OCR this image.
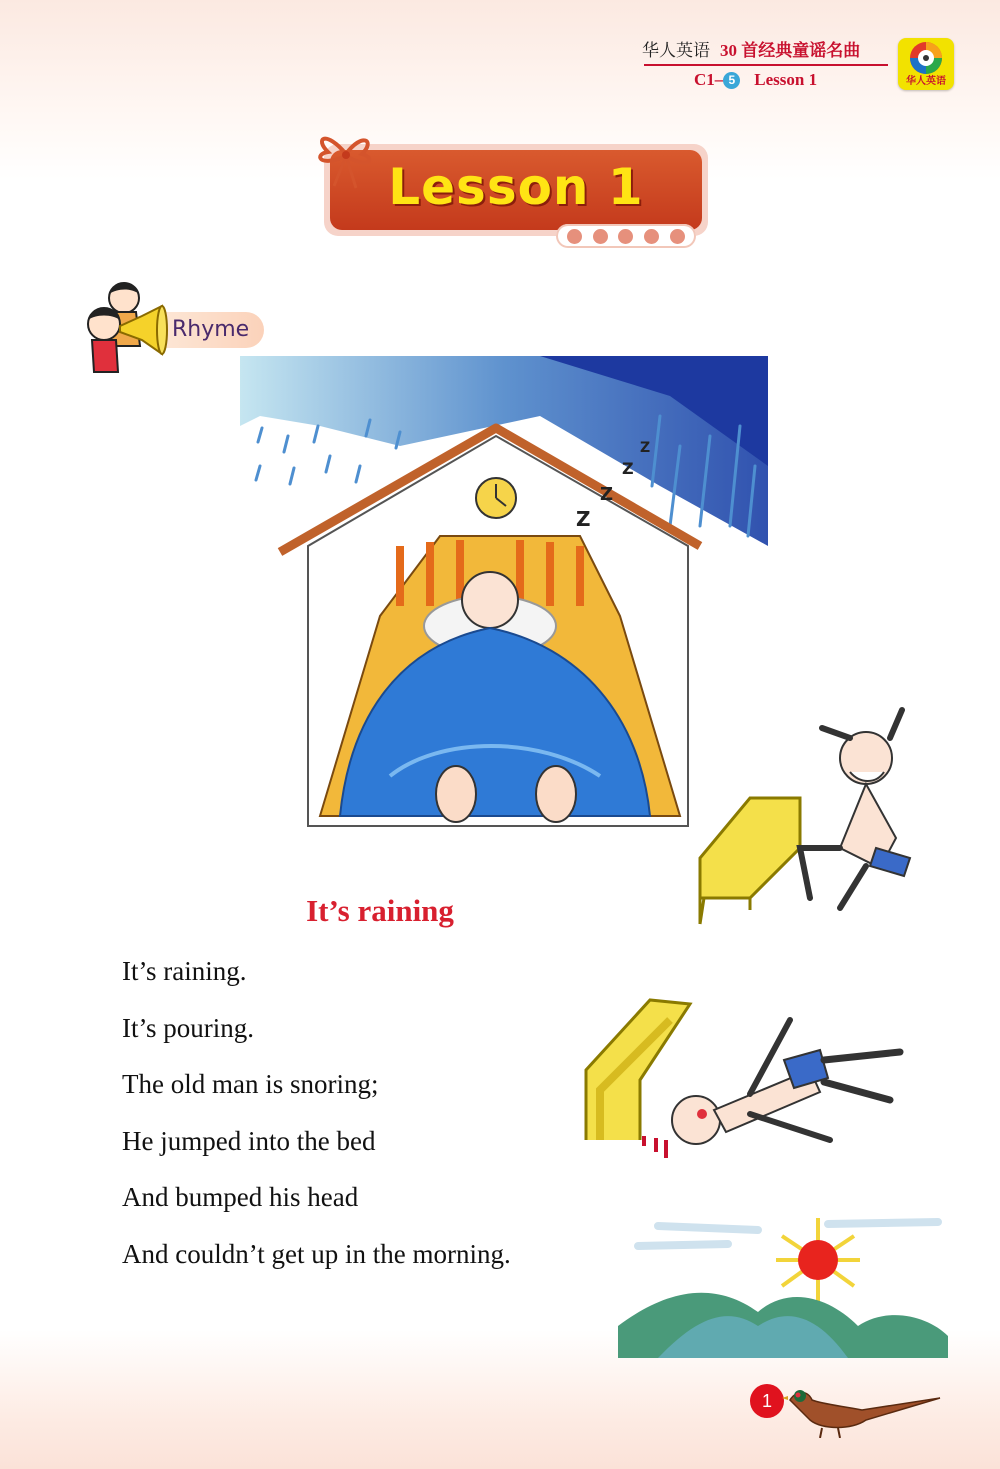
华人英语 30 首经典童谣名曲
C1– 5 Lesson 1	华人英语
Lesson 1
Rhyme
Z
Z
Z
Z
It’s raining
It’s raining.
It’s pouring.
The old man is snoring;
He jumped into the bed
And bumped his head
And couldn’t get up in the morning.
1
